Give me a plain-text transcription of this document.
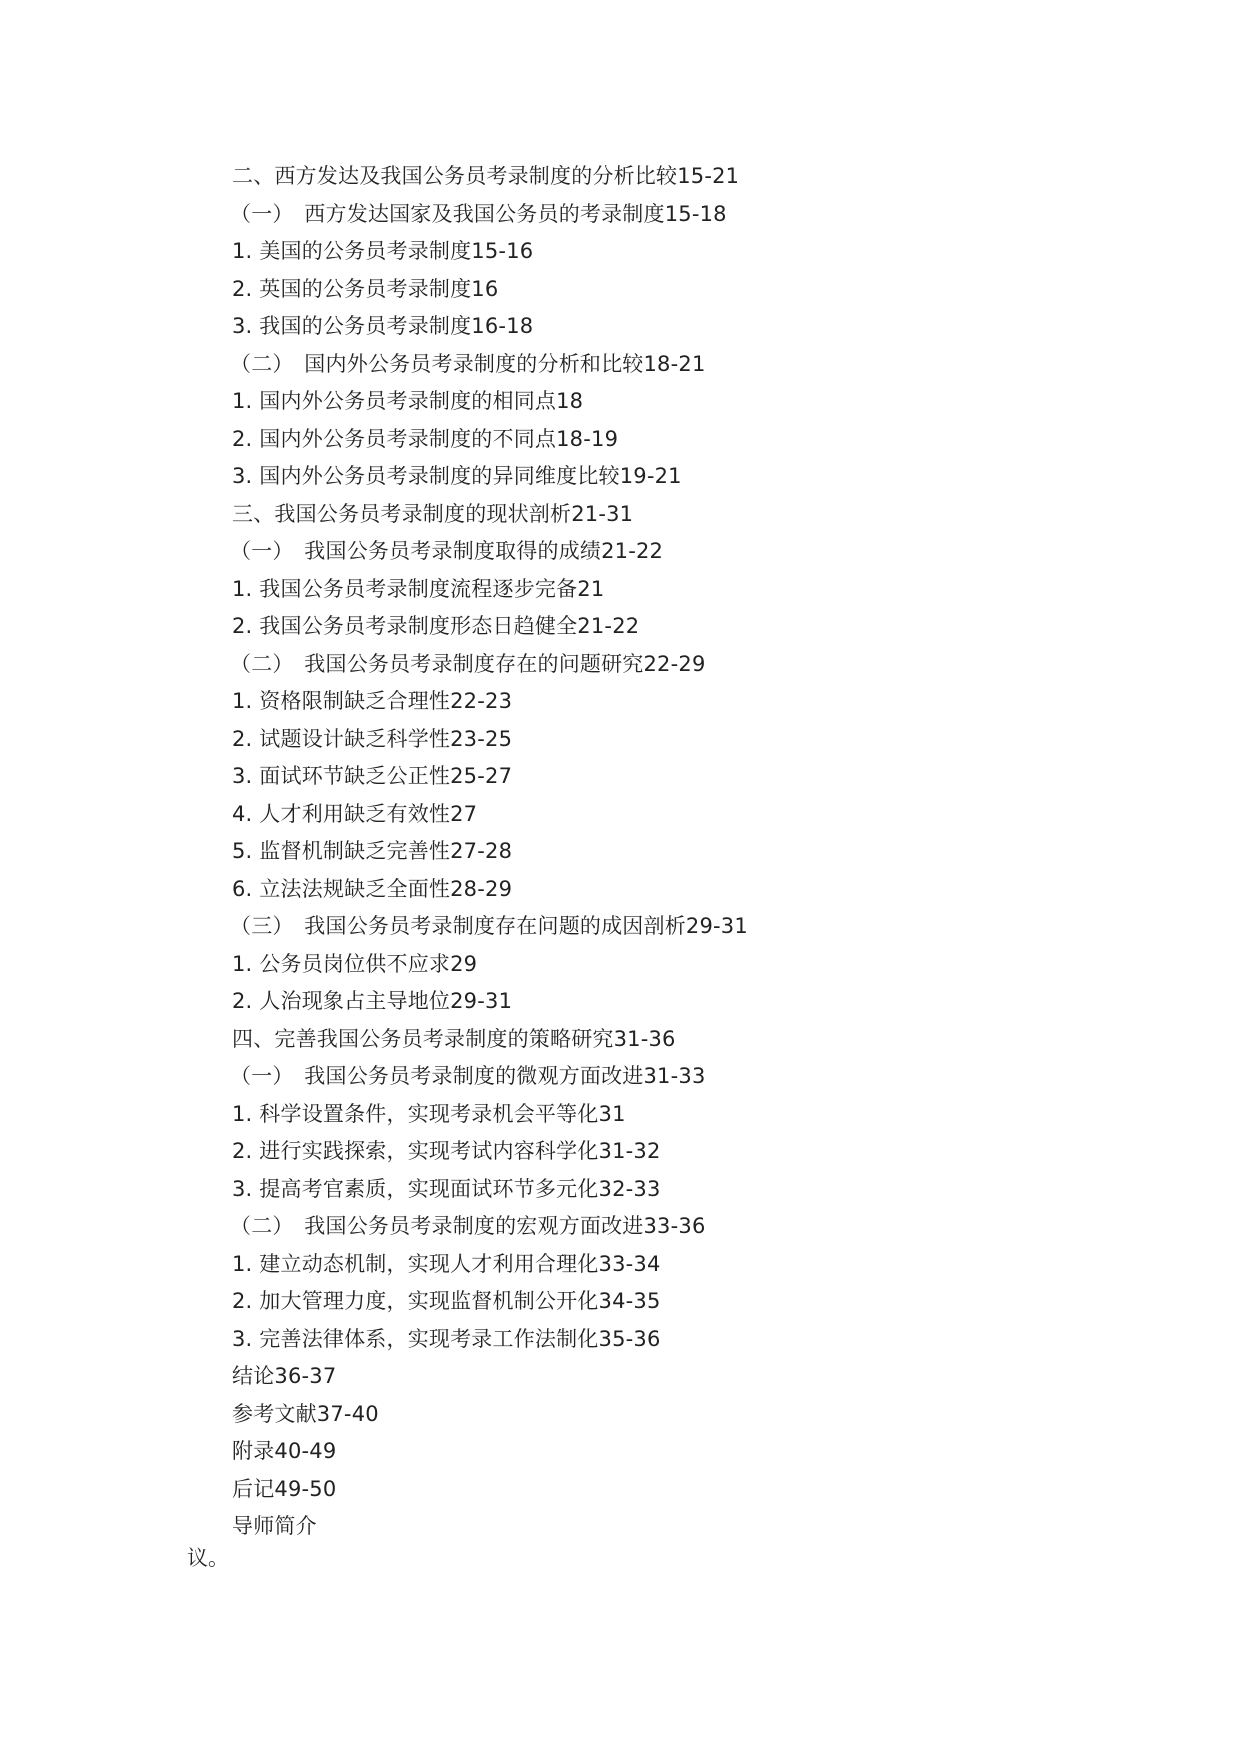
二、西方发达及我国公务员考录制度的分析比较15-21
（一）　西方发达国家及我国公务员的考录制度15-18
1. 美国的公务员考录制度15-16
2. 英国的公务员考录制度16
3. 我国的公务员考录制度16-18
（二）　国内外公务员考录制度的分析和比较18-21
1. 国内外公务员考录制度的相同点18
2. 国内外公务员考录制度的不同点18-19
3. 国内外公务员考录制度的异同维度比较19-21
三、我国公务员考录制度的现状剖析21-31
（一）　我国公务员考录制度取得的成绩21-22
1. 我国公务员考录制度流程逐步完备21
2. 我国公务员考录制度形态日趋健全21-22
（二）　我国公务员考录制度存在的问题研究22-29
1. 资格限制缺乏合理性22-23
2. 试题设计缺乏科学性23-25
3. 面试环节缺乏公正性25-27
4. 人才利用缺乏有效性27
5. 监督机制缺乏完善性27-28
6. 立法法规缺乏全面性28-29
（三）　我国公务员考录制度存在问题的成因剖析29-31
1. 公务员岗位供不应求29
2. 人治现象占主导地位29-31
四、完善我国公务员考录制度的策略研究31-36
（一）　我国公务员考录制度的微观方面改进31-33
1. 科学设置条件，实现考录机会平等化31
2. 进行实践探索，实现考试内容科学化31-32
3. 提高考官素质，实现面试环节多元化32-33
（二）　我国公务员考录制度的宏观方面改进33-36
1. 建立动态机制，实现人才利用合理化33-34
2. 加大管理力度，实现监督机制公开化34-35
3. 完善法律体系，实现考录工作法制化35-36
结论36-37
参考文献37-40
附录40-49
后记49-50
导师简介
议。
